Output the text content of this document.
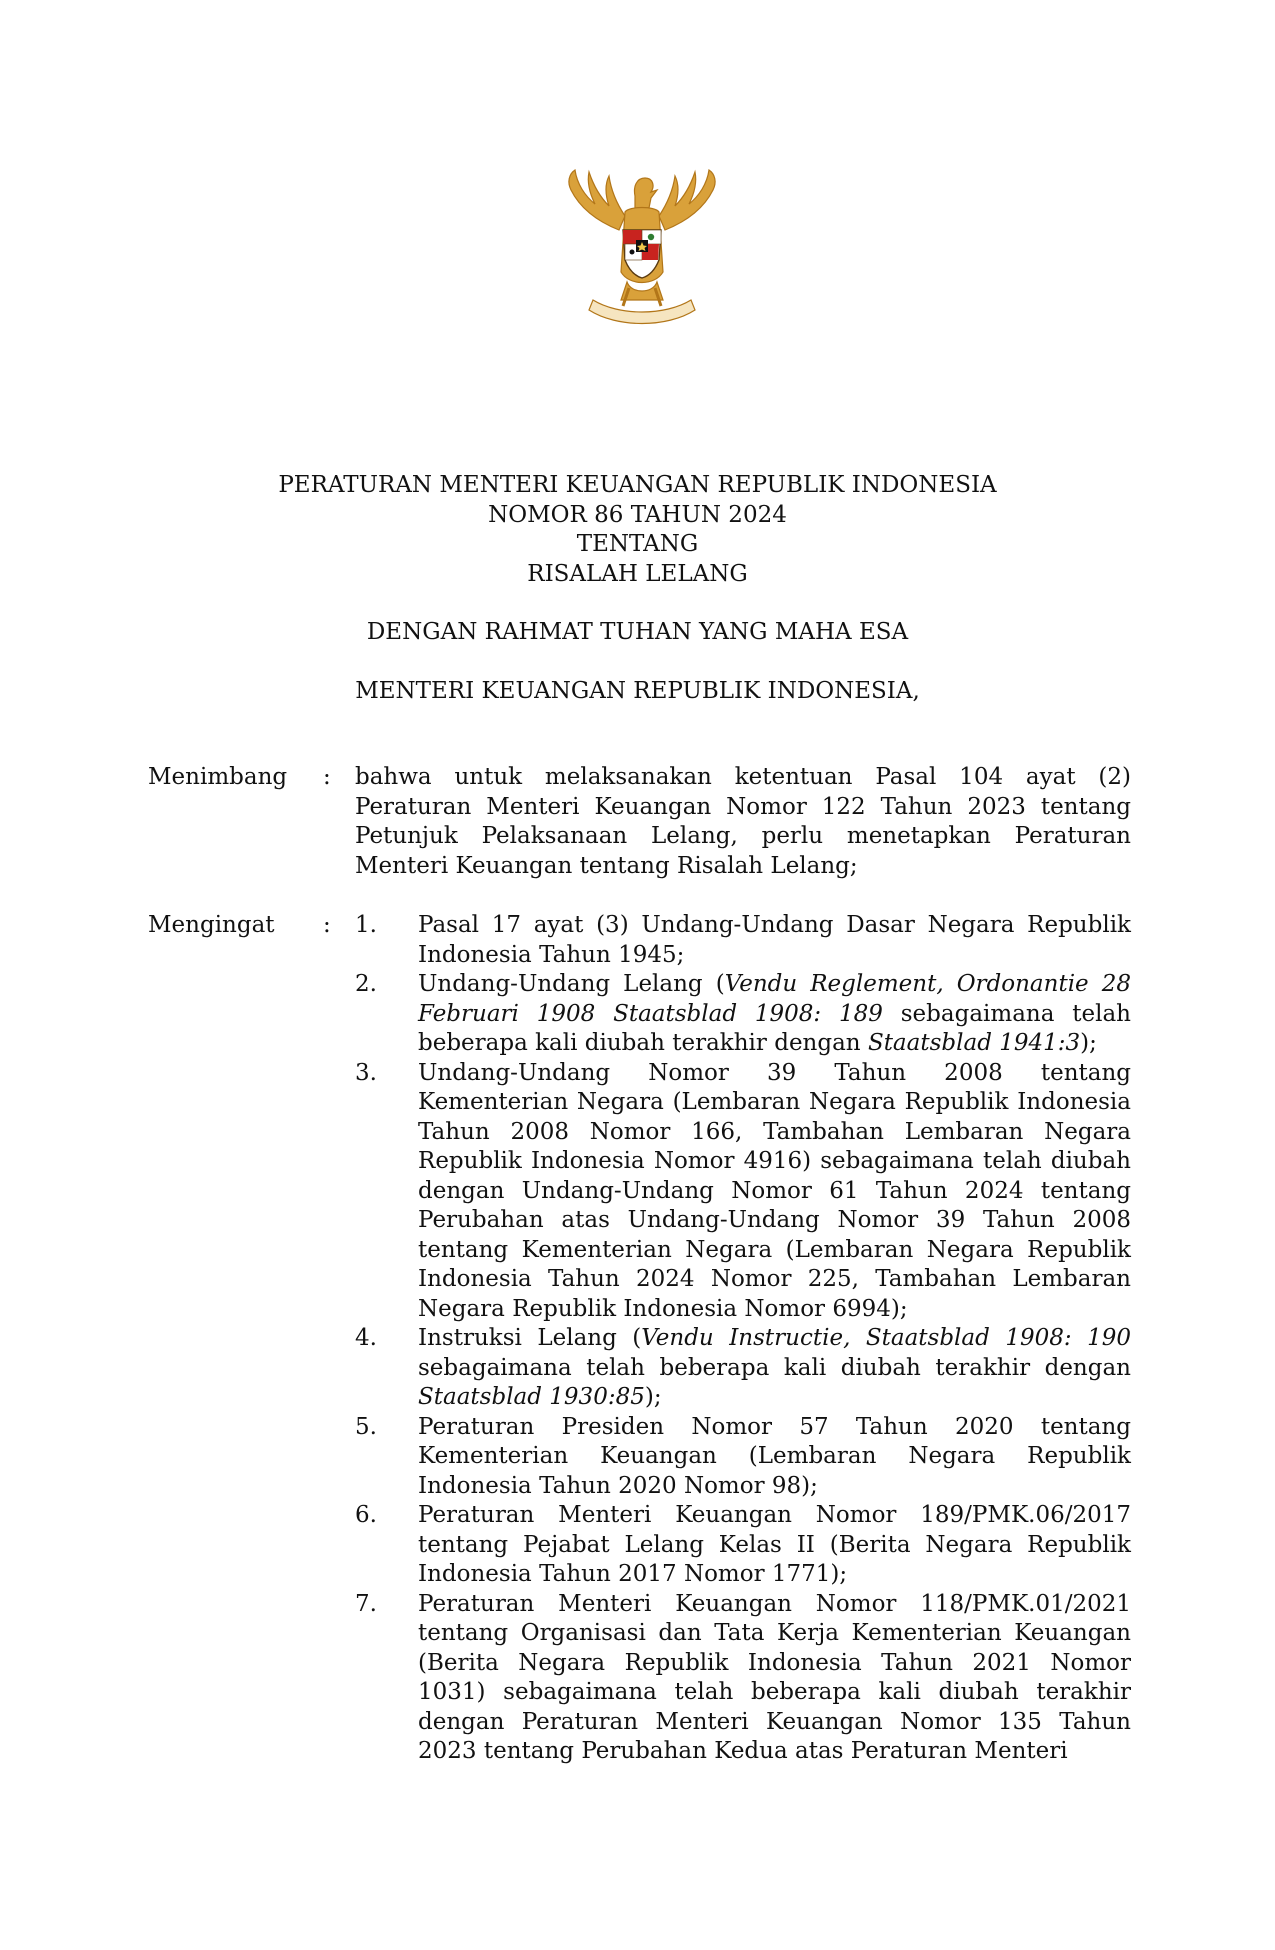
PERATURAN MENTERI KEUANGAN REPUBLIK INDONESIA
NOMOR 86 TAHUN 2024
TENTANG
RISALAH LELANG
DENGAN RAHMAT TUHAN YANG MAHA ESA
MENTERI KEUANGAN REPUBLIK INDONESIA,
Menimbang	: bahwa untuk melaksanakan ketentuan Pasal 104 ayat (2) Peraturan Menteri Keuangan Nomor 122 Tahun 2023 tentang Petunjuk Pelaksanaan Lelang, perlu menetapkan Peraturan Menteri Keuangan tentang Risalah Lelang;
Mengingat	: 1.	Pasal 17 ayat (3) Undang-Undang Dasar Negara Republik Indonesia Tahun 1945;
2.	Undang-Undang Lelang (Vendu Reglement, Ordonantie 28 Februari 1908 Staatsblad 1908: 189 sebagaimana telah beberapa kali diubah terakhir dengan Staatsblad 1941:3);
3.	Undang-Undang Nomor 39 Tahun 2008 tentang Kementerian Negara (Lembaran Negara Republik Indonesia Tahun 2008 Nomor 166, Tambahan Lembaran Negara Republik Indonesia Nomor 4916) sebagaimana telah diubah dengan Undang-Undang Nomor 61 Tahun 2024 tentang Perubahan atas Undang-Undang Nomor 39 Tahun 2008 tentang Kementerian Negara (Lembaran Negara Republik Indonesia Tahun 2024 Nomor 225, Tambahan Lembaran Negara Republik Indonesia Nomor 6994);
4.	Instruksi Lelang (Vendu Instructie, Staatsblad 1908: 190 sebagaimana telah beberapa kali diubah terakhir dengan Staatsblad 1930:85);
5.	Peraturan Presiden Nomor 57 Tahun 2020 tentang Kementerian Keuangan (Lembaran Negara Republik Indonesia Tahun 2020 Nomor 98);
6.	Peraturan Menteri Keuangan Nomor 189/PMK.06/2017 tentang Pejabat Lelang Kelas II (Berita Negara Republik Indonesia Tahun 2017 Nomor 1771);
7.	Peraturan Menteri Keuangan Nomor 118/PMK.01/2021 tentang Organisasi dan Tata Kerja Kementerian Keuangan (Berita Negara Republik Indonesia Tahun 2021 Nomor 1031) sebagaimana telah beberapa kali diubah terakhir dengan Peraturan Menteri Keuangan Nomor 135 Tahun 2023 tentang Perubahan Kedua atas Peraturan Menteri
